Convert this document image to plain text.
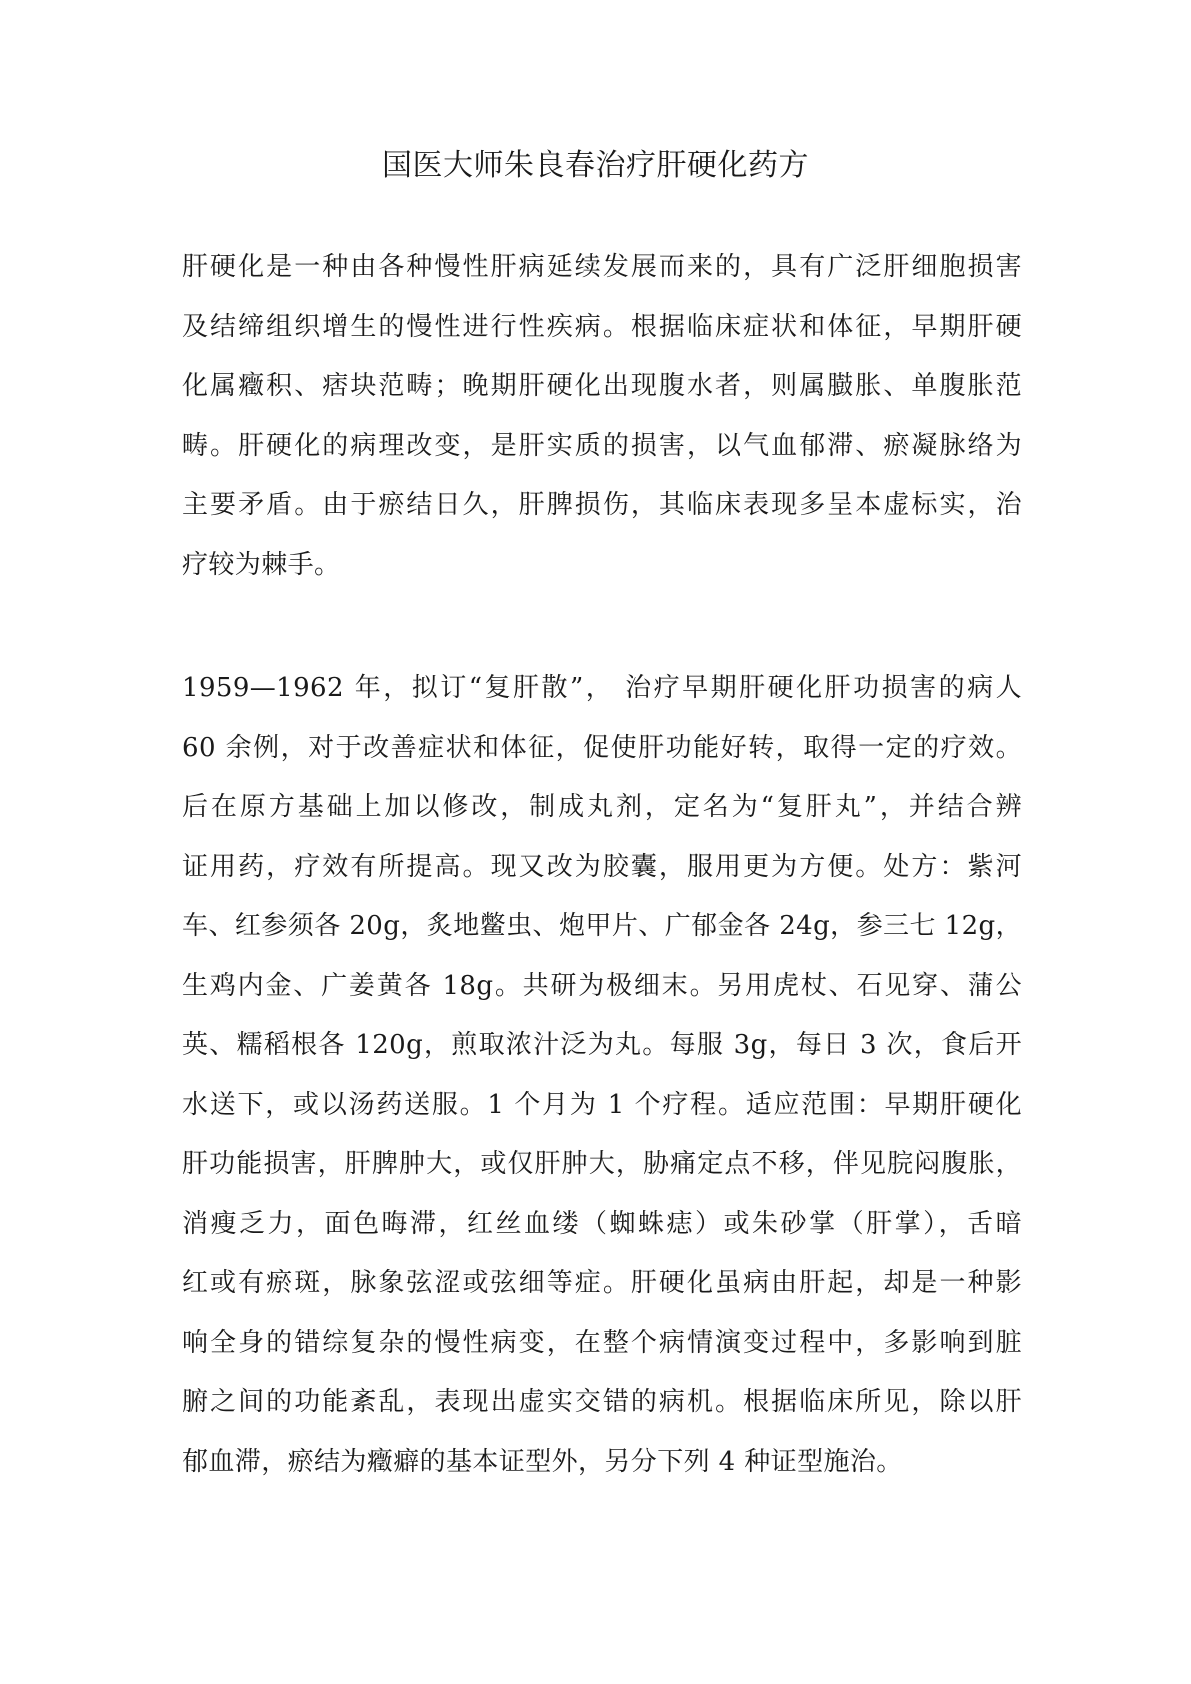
国医大师朱良春治疗肝硬化药方
肝硬化是一种由各种慢性肝病延续发展而来的，具有广泛肝细胞损害
及结缔组织增生的慢性进行性疾病。根据临床症状和体征，早期肝硬
化属癥积、痞块范畴；晚期肝硬化出现腹水者，则属臌胀、单腹胀范
畴。肝硬化的病理改变，是肝实质的损害，以气血郁滞、瘀凝脉络为
主要矛盾。由于瘀结日久，肝脾损伤，其临床表现多呈本虚标实，治
疗较为棘手。
1959—1962 年，拟订“复肝散”， 治疗早期肝硬化肝功损害的病人
60 余例，对于改善症状和体征，促使肝功能好转，取得一定的疗效。
后在原方基础上加以修改，制成丸剂，定名为“复肝丸”，并结合辨
证用药，疗效有所提高。现又改为胶囊，服用更为方便。处方：紫河
车、红参须各 20g，炙地鳖虫、炮甲片、广郁金各 24g，参三七 12g，
生鸡内金、广姜黄各 18g。共研为极细末。另用虎杖、石见穿、蒲公
英、糯稻根各 120g，煎取浓汁泛为丸。每服 3g，每日 3 次，食后开
水送下，或以汤药送服。1 个月为 1 个疗程。适应范围：早期肝硬化
肝功能损害，肝脾肿大，或仅肝肿大，胁痛定点不移，伴见脘闷腹胀，
消瘦乏力，面色晦滞，红丝血缕（蜘蛛痣）或朱砂掌（肝掌），舌暗
红或有瘀斑，脉象弦涩或弦细等症。肝硬化虽病由肝起，却是一种影
响全身的错综复杂的慢性病变，在整个病情演变过程中，多影响到脏
腑之间的功能紊乱，表现出虚实交错的病机。根据临床所见，除以肝
郁血滞，瘀结为癥癖的基本证型外，另分下列 4 种证型施治。
